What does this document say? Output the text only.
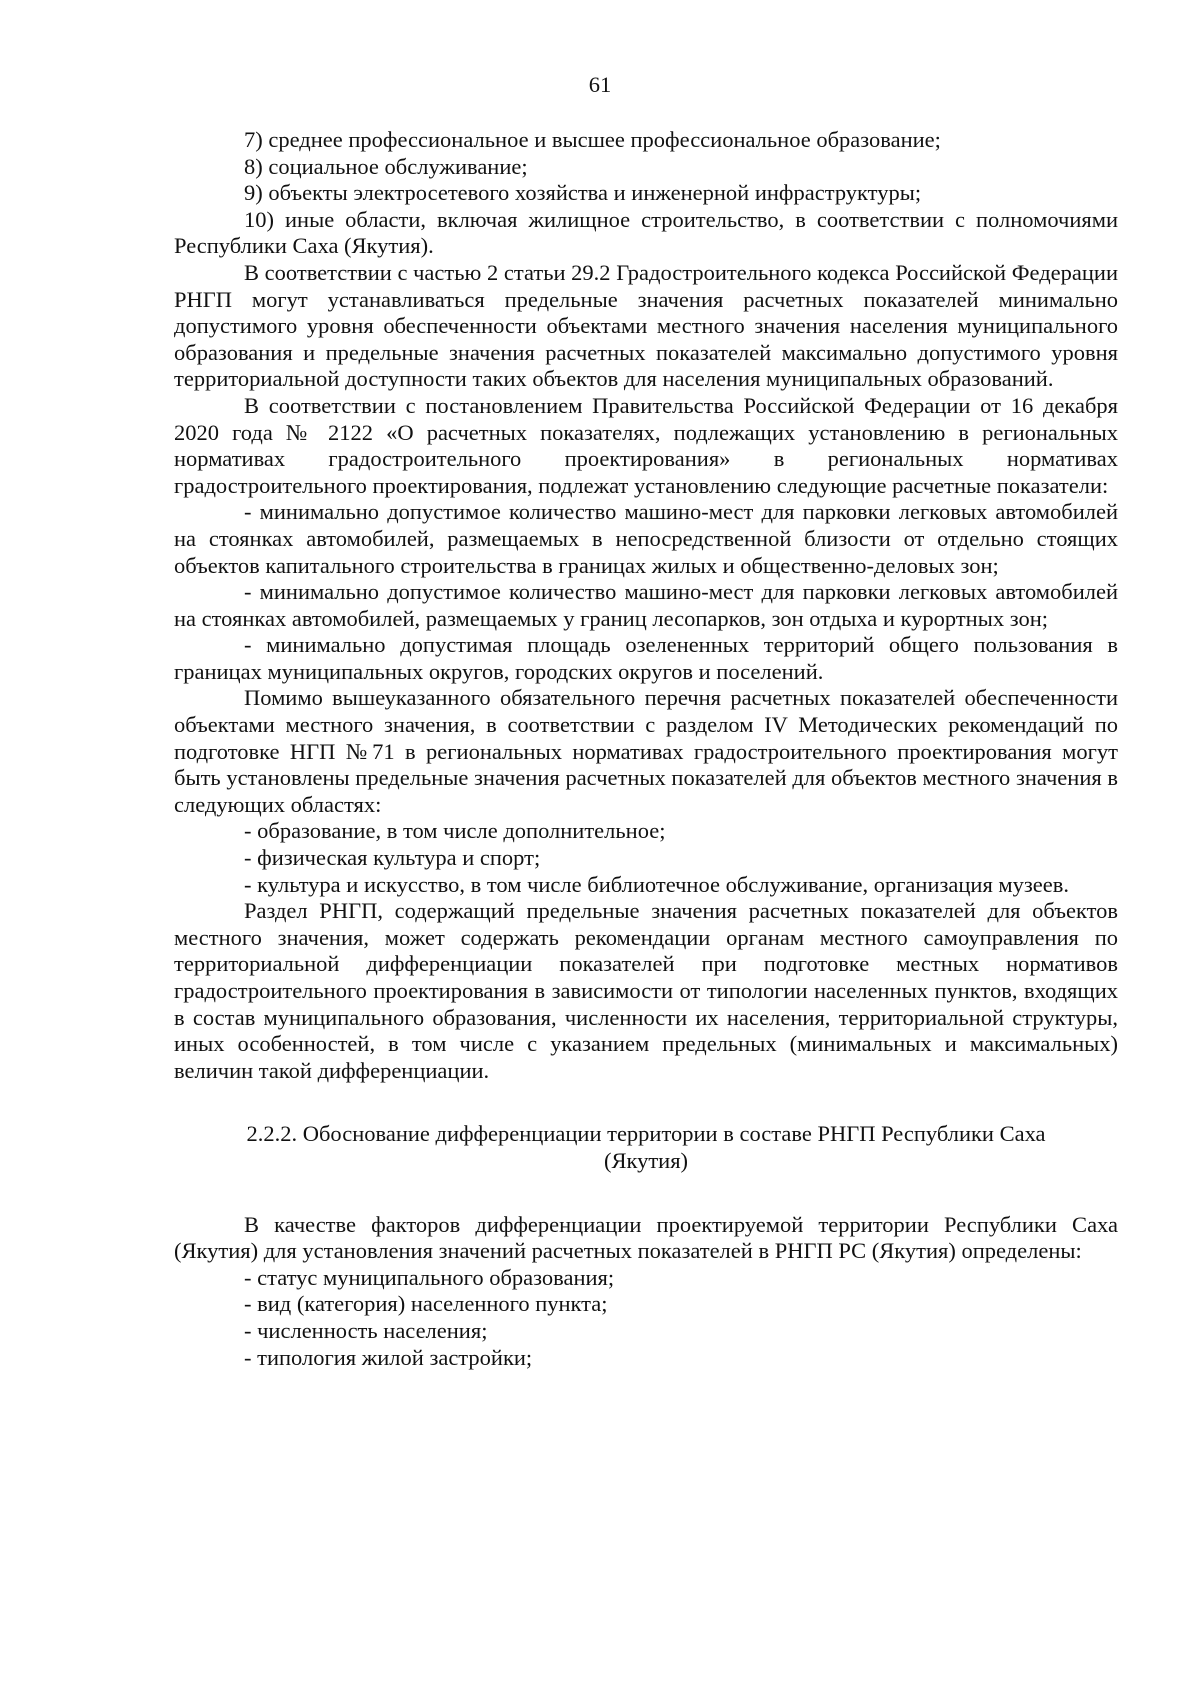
61

7) среднее профессиональное и высшее профессиональное образование;

8) социальное обслуживание;

9) объекты электросетевого хозяйства и инженерной инфраструктуры;

10) иные области, включая жилищное строительство, в соответствии с полномочиями Республики Саха (Якутия).

В соответствии с частью 2 статьи 29.2 Градостроительного кодекса Российской Федерации РНГП могут устанавливаться предельные значения расчетных показателей минимально допустимого уровня обеспеченности объектами местного значения населения муниципального образования и предельные значения расчетных показателей максимально допустимого уровня территориальной доступности таких объектов для населения муниципальных образований.

В соответствии с постановлением Правительства Российской Федерации от 16 декабря 2020 года № 2122 «О расчетных показателях, подлежащих установлению в региональных нормативах градостроительного проектирования» в региональных нормативах градостроительного проектирования, подлежат установлению следующие расчетные показатели:

- минимально допустимое количество машино-мест для парковки легковых автомобилей на стоянках автомобилей, размещаемых в непосредственной близости от отдельно стоящих объектов капитального строительства в границах жилых и общественно-деловых зон;

- минимально допустимое количество машино-мест для парковки легковых автомобилей на стоянках автомобилей, размещаемых у границ лесопарков, зон отдыха и курортных зон;

- минимально допустимая площадь озелененных территорий общего пользования в границах муниципальных округов, городских округов и поселений.

Помимо вышеуказанного обязательного перечня расчетных показателей обеспеченности объектами местного значения, в соответствии с разделом IV Методических рекомендаций по подготовке НГП №71 в региональных нормативах градостроительного проектирования могут быть установлены предельные значения расчетных показателей для объектов местного значения в следующих областях:

- образование, в том числе дополнительное;

- физическая культура и спорт;

- культура и искусство, в том числе библиотечное обслуживание, организация музеев.

Раздел РНГП, содержащий предельные значения расчетных показателей для объектов местного значения, может содержать рекомендации органам местного самоуправления по территориальной дифференциации показателей при подготовке местных нормативов градостроительного проектирования в зависимости от типологии населенных пунктов, входящих в состав муниципального образования, численности их населения, территориальной структуры, иных особенностей, в том числе с указанием предельных (минимальных и максимальных) величин такой дифференциации.

2.2.2. Обоснование дифференциации территории в составе РНГП Республики Саха (Якутия)

В качестве факторов дифференциации проектируемой территории Республики Саха (Якутия) для установления значений расчетных показателей в РНГП РС (Якутия) определены:

- статус муниципального образования;

- вид (категория) населенного пункта;

- численность населения;

- типология жилой застройки;
